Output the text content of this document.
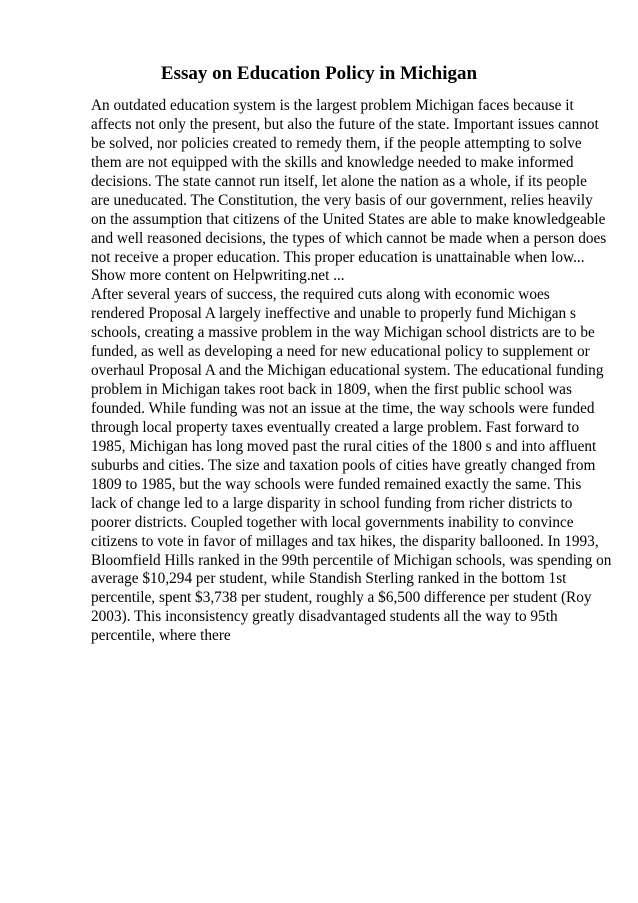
Essay on Education Policy in Michigan
An outdated education system is the largest problem Michigan faces because it
affects not only the present, but also the future of the state. Important issues cannot
be solved, nor policies created to remedy them, if the people attempting to solve
them are not equipped with the skills and knowledge needed to make informed
decisions. The state cannot run itself, let alone the nation as a whole, if its people
are uneducated. The Constitution, the very basis of our government, relies heavily
on the assumption that citizens of the United States are able to make knowledgeable
and well reasoned decisions, the types of which cannot be made when a person does
not receive a proper education. This proper education is unattainable when low...
Show more content on Helpwriting.net ...
After several years of success, the required cuts along with economic woes
rendered Proposal A largely ineffective and unable to properly fund Michigan s
schools, creating a massive problem in the way Michigan school districts are to be
funded, as well as developing a need for new educational policy to supplement or
overhaul Proposal A and the Michigan educational system. The educational funding
problem in Michigan takes root back in 1809, when the first public school was
founded. While funding was not an issue at the time, the way schools were funded
through local property taxes eventually created a large problem. Fast forward to
1985, Michigan has long moved past the rural cities of the 1800 s and into affluent
suburbs and cities. The size and taxation pools of cities have greatly changed from
1809 to 1985, but the way schools were funded remained exactly the same. This
lack of change led to a large disparity in school funding from richer districts to
poorer districts. Coupled together with local governments inability to convince
citizens to vote in favor of millages and tax hikes, the disparity ballooned. In 1993,
Bloomfield Hills ranked in the 99th percentile of Michigan schools, was spending on
average $10,294 per student, while Standish Sterling ranked in the bottom 1st
percentile, spent $3,738 per student, roughly a $6,500 difference per student (Roy
2003). This inconsistency greatly disadvantaged students all the way to 95th
percentile, where there
